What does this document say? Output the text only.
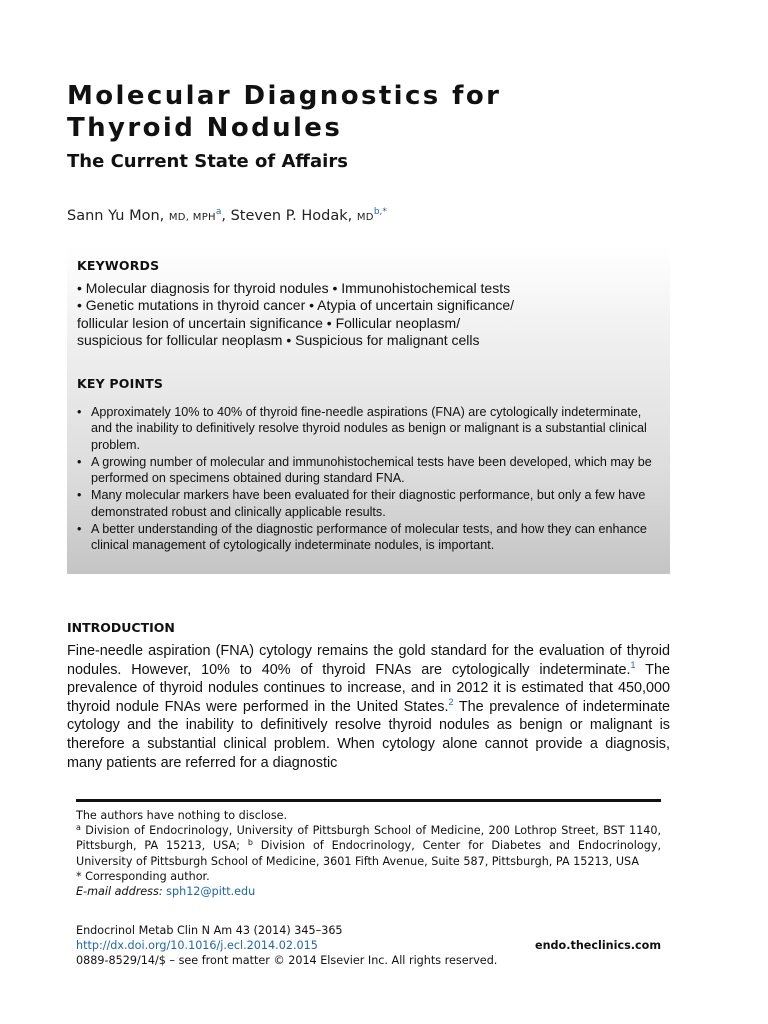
Molecular Diagnostics for
Thyroid Nodules
The Current State of Affairs
Sann Yu Mon, MD, MPH$^a$, Steven P. Hodak, $MD^{b,*}$
KEYWORDS
• Molecular diagnosis for thyroid nodules • Immunohistochemical tests
• Genetic mutations in thyroid cancer • Atypia of uncertain significance/
follicular lesion of uncertain significance • Follicular neoplasm/
suspicious for follicular neoplasm • Suspicious for malignant cells
KEY POINTS
• Approximately 10% to 40% of thyroid fine-needle aspirations (FNA) are cytologically indeterminate, and the inability to definitively resolve thyroid nodules as benign or malignant is a substantial clinical problem.
• A growing number of molecular and immunohistochemical tests have been developed, which may be performed on specimens obtained during standard FNA.
• Many molecular markers have been evaluated for their diagnostic performance, but only a few have demonstrated robust and clinically applicable results.
• A better understanding of the diagnostic performance of molecular tests, and how they can enhance clinical management of cytologically indeterminate nodules, is important.
INTRODUCTION

Fine-needle aspiration (FNA) cytology remains the gold standard for the evaluation of thyroid nodules. However, 10% to 40% of thyroid FNAs are cytologically indeterminate.$^1$ The prevalence of thyroid nodules continues to increase, and in 2012 it is estimated that 450,000 thyroid nodule FNAs were performed in the United States.$^2$ The prevalence of indeterminate cytology and the inability to definitively resolve thyroid nodules as benign or malignant is therefore a substantial clinical problem. When cytology alone cannot provide a diagnosis, many patients are referred for a diagnostic

The authors have nothing to disclose.
$^a$ Division of Endocrinology, University of Pittsburgh School of Medicine, 200 Lothrop Street, BST 1140, Pittsburgh, PA 15213, USA; $^b$ Division of Endocrinology, Center for Diabetes and Endocrinology, University of Pittsburgh School of Medicine, 3601 Fifth Avenue, Suite 587, Pittsburgh, PA 15213, USA
* Corresponding author.
E-mail address: sph12@pitt.edu
Endocrinol Metab Clin N Am 43 (2014) 345–365
http://dx.doi.org/10.1016/j.ecl.2014.02.015	endo.theclinics.com
0889-8529/14/$ – see front matter © 2014 Elsevier Inc. All rights reserved.
